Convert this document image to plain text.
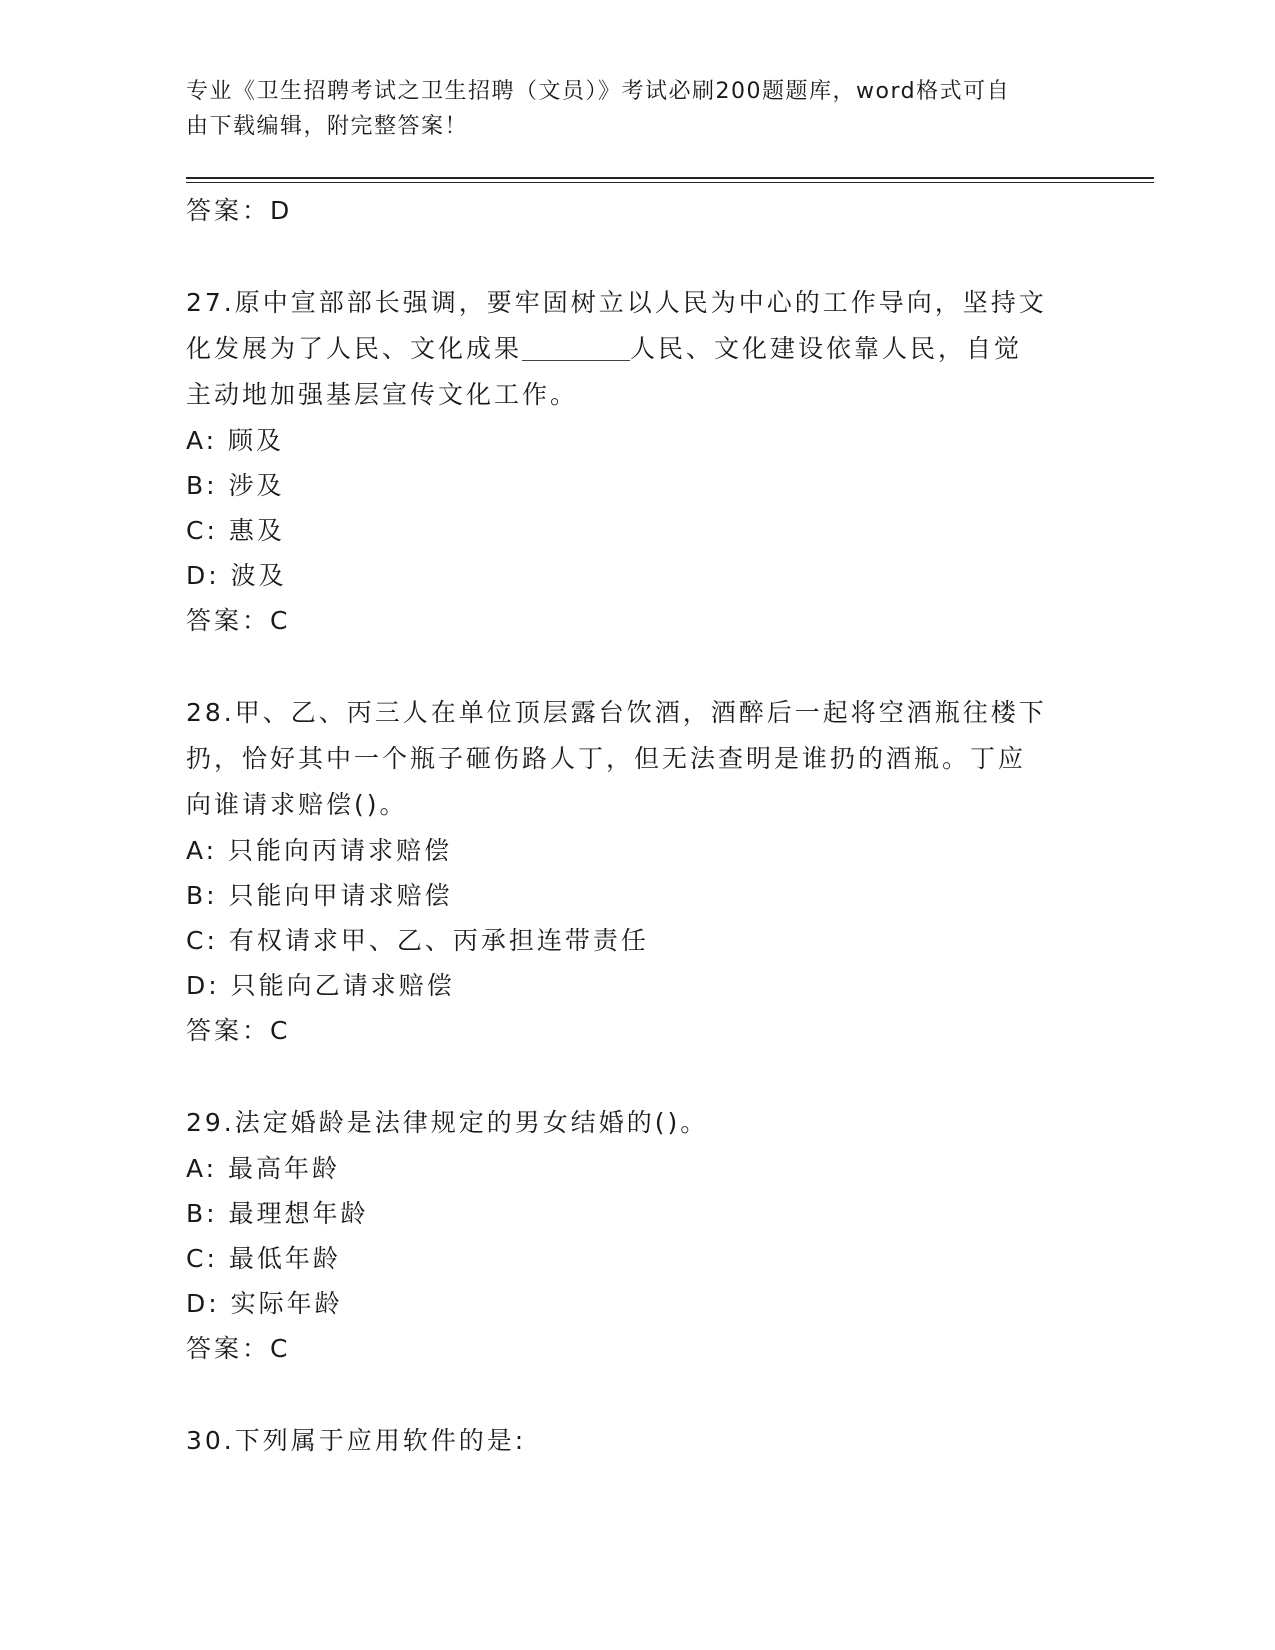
专业《卫生招聘考试之卫生招聘（文员）》考试必刷200题题库，word格式可自
由下载编辑，附完整答案！
答案：D
27.原中宣部部长强调，要牢固树立以人民为中心的工作导向，坚持文
化发展为了人民、文化成果	人民、文化建设依靠人民，自觉
主动地加强基层宣传文化工作。
A: 顾及
B: 涉及
C: 惠及
D: 波及
答案：C
28.甲、乙、丙三人在单位顶层露台饮酒，酒醉后一起将空酒瓶往楼下
扔，恰好其中一个瓶子砸伤路人丁，但无法查明是谁扔的酒瓶。丁应
向谁请求赔偿()。
A: 只能向丙请求赔偿
B: 只能向甲请求赔偿
C: 有权请求甲、乙、丙承担连带责任
D: 只能向乙请求赔偿
答案：C
29.法定婚龄是法律规定的男女结婚的()。
A: 最高年龄
B: 最理想年龄
C: 最低年龄
D: 实际年龄
答案：C
30.下列属于应用软件的是:
